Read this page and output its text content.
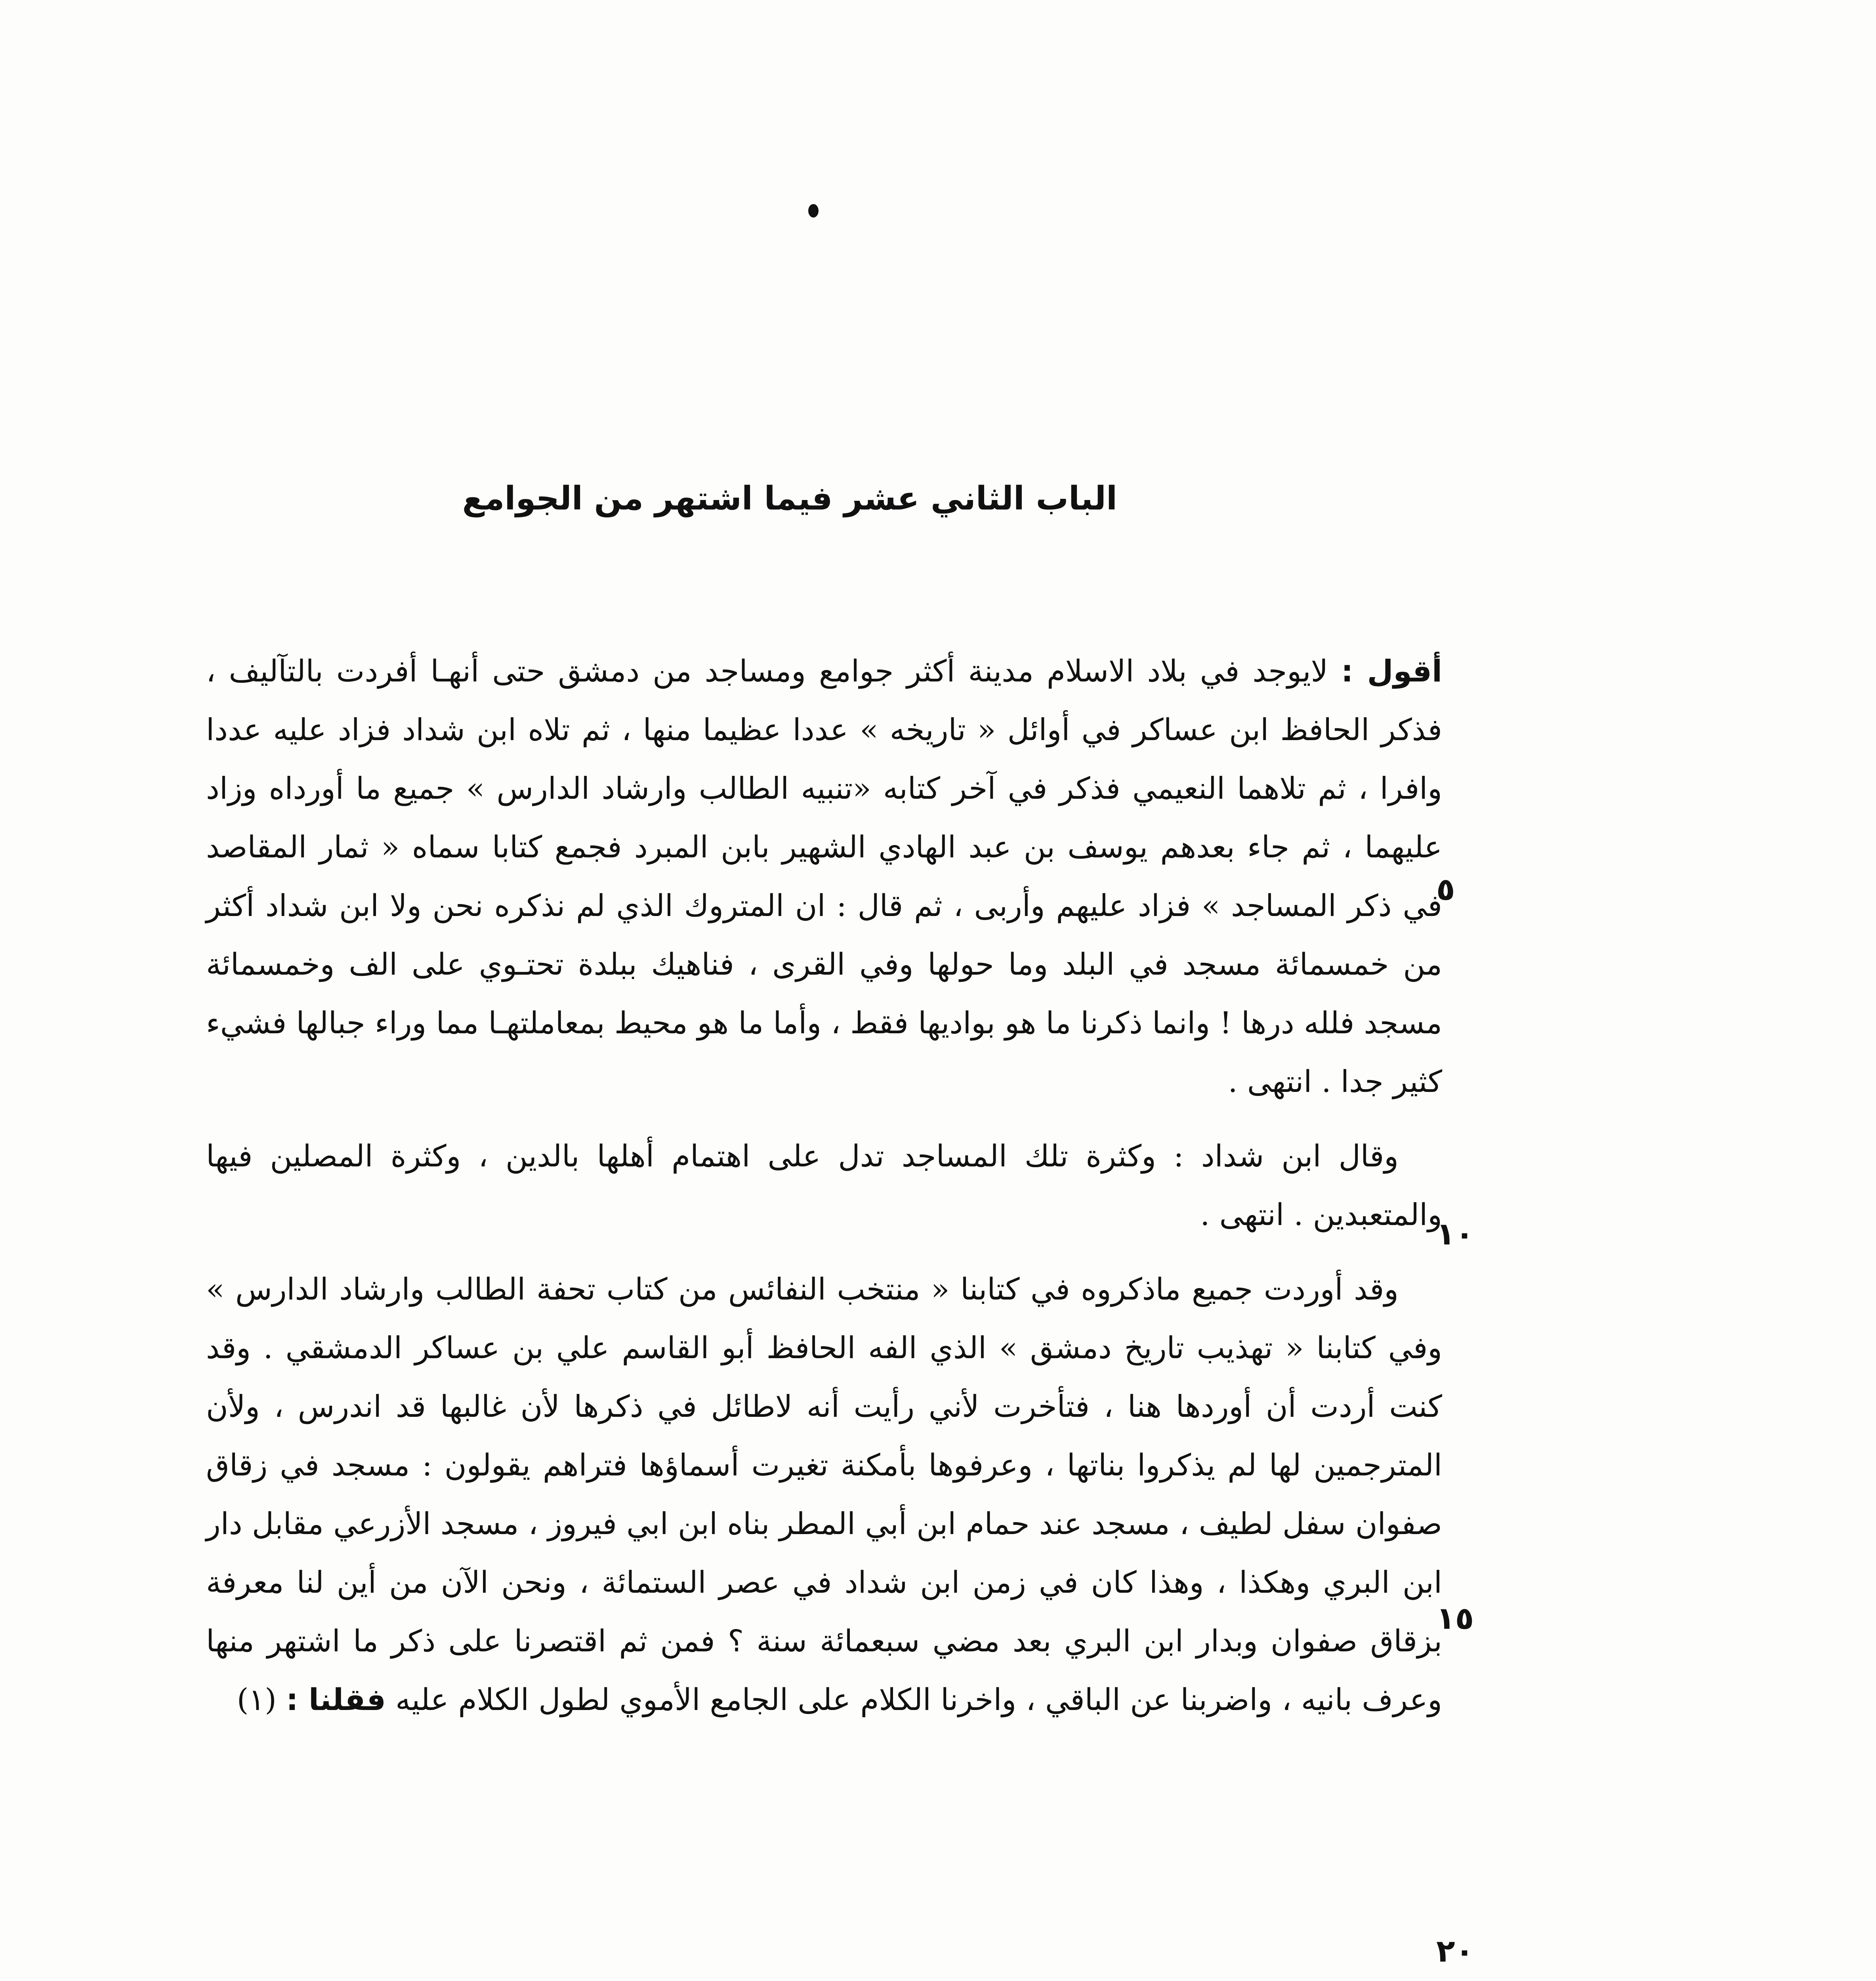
الباب الثاني عشر فيما اشتهر من الجوامع

أقول : لايوجد في بلاد الاسلام مدينة أكثر جوامع ومساجد من دمشق حتى أنهـا أفردت بالتآليف ، فذكر الحافظ ابن عساكر في أوائل « تاريخه » عددا عظيما منها ، ثم تلاه ابن شداد فزاد عليه عددا وافرا ، ثم تلاهما النعيمي فذكر في آخر كتابه «تنبيه الطالب وارشاد الدارس » جميع ما أورداه وزاد عليهما ، ثم جاء بعدهم يوسف بن عبد الهادي الشهير بابن المبرد فجمع كتابا سماه « ثمار المقاصد في ذكر المساجد » فزاد عليهم وأربى ، ثم قال : ان المتروك الذي لم نذكره نحن ولا ابن شداد أكثر من خمسمائة مسجد في البلد وما حولها وفي القرى ، فناهيك ببلدة تحتـوي على الف وخمسمائة مسجد فلله درها ! وانما ذكرنا ما هو بواديها فقط ، وأما ما هو محيط بمعاملتهـا مما وراء جبالها فشيء كثير جدا . انتهى .

وقال ابن شداد : وكثرة تلك المساجد تدل على اهتمام أهلها بالدين ، وكثرة المصلين فيها والمتعبدين . انتهى .

وقد أوردت جميع ماذكروه في كتابنا « منتخب النفائس من كتاب تحفة الطالب وارشاد الدارس » وفي كتابنا « تهذيب تاريخ دمشق » الذي الفه الحافظ أبو القاسم علي بن عساكر الدمشقي . وقد كنت أردت أن أوردها هنا ، فتأخرت لأني رأيت أنه لاطائل في ذكرها لأن غالبها قد اندرس ، ولأن المترجمين لها لم يذكروا بناتها ، وعرفوها بأمكنة تغيرت أسماؤها فتراهم يقولون : مسجد في زقاق صفوان سفل لطيف ، مسجد عند حمام ابن أبي المطر بناه ابن ابي فيروز ، مسجد الأزرعي مقابل دار ابن البري وهكذا ، وهذا كان في زمن ابن شداد في عصر الستمائة ، ونحن الآن من أين لنا معرفة بزقاق صفوان وبدار ابن البري بعد مضي سبعمائة سنة ؟ فمن ثم اقتصرنا على ذكر ما اشتهر منها وعرف بانيه ، واضربنا عن الباقي ، واخرنا الكلام على الجامع الأموي لطول الكلام عليه فقلنا : (١)

٥
١٠
١٥
٢٠
